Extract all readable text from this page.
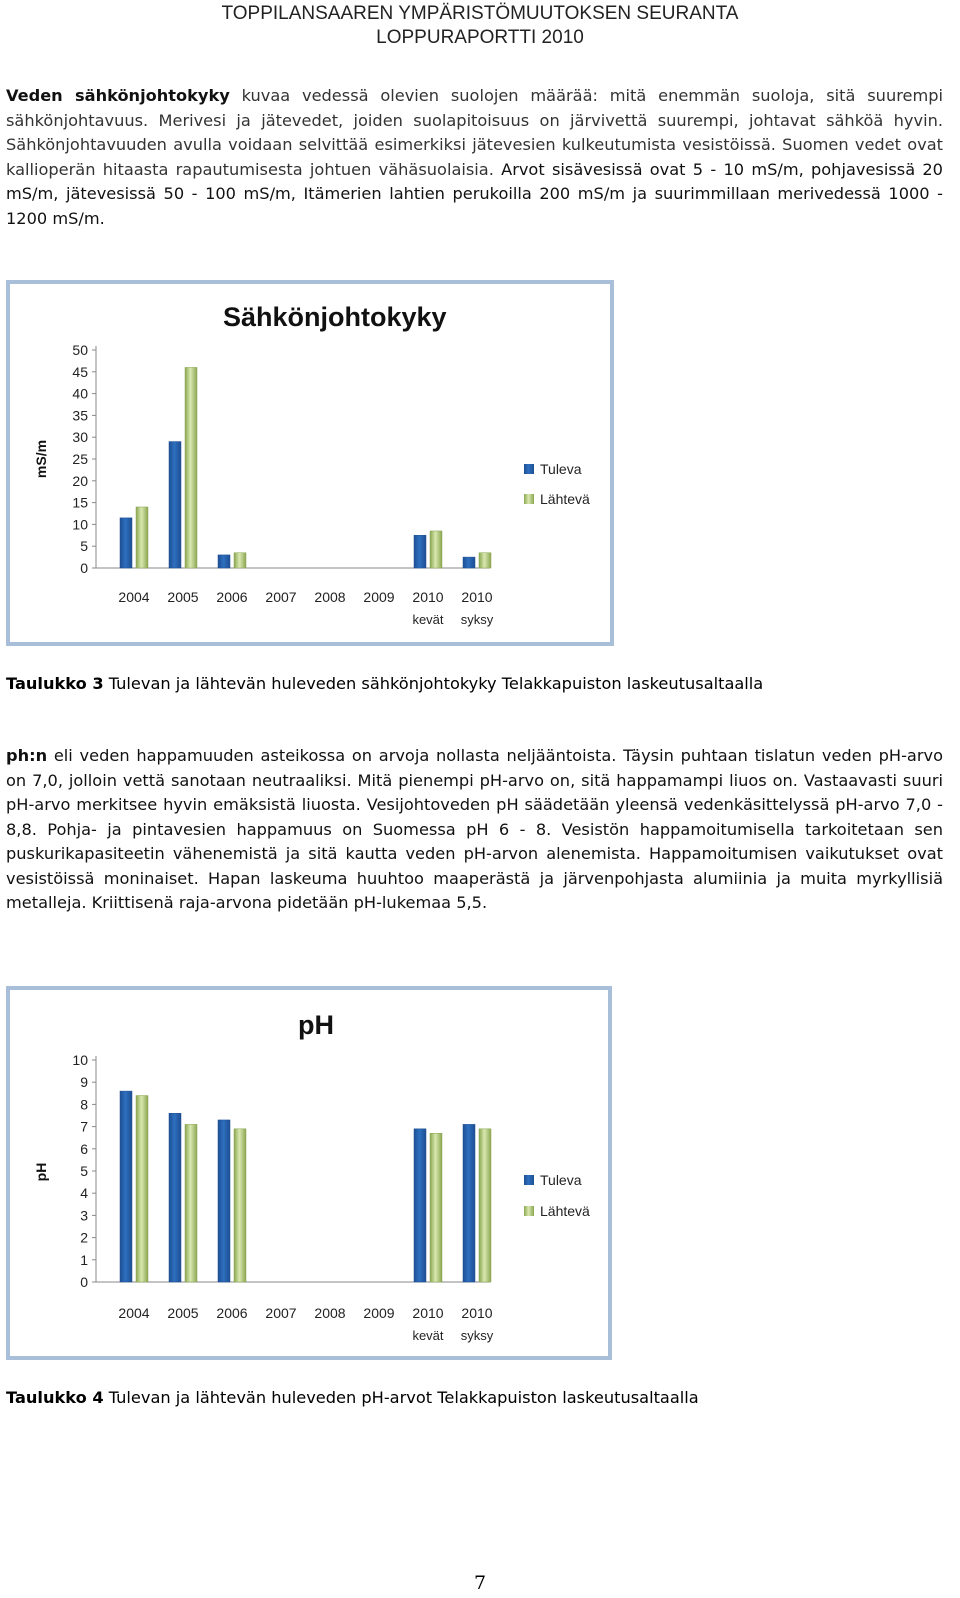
TOPPILANSAAREN YMPÄRISTÖMUUTOKSEN SEURANTA
LOPPURAPORTTI 2010

Veden sähkönjohtokyky kuvaa vedessä olevien suolojen määrää: mitä enemmän suoloja, sitä suurempi sähkönjohtavuus. Merivesi ja jätevedet, joiden suolapitoisuus on järvivettä suurempi, johtavat sähköä hyvin. Sähkönjohtavuuden avulla voidaan selvittää esimerkiksi jätevesien kulkeutumista vesistöissä. Suomen vedet ovat kallioperän hitaasta rapautumisesta johtuen vähäsuolaisia. Arvot sisävesissä ovat 5 - 10 mS/m, pohjavesissä 20 mS/m, jätevesissä 50 - 100 mS/m, Itämerien lahtien perukoilla 200 mS/m ja suurimmillaan merivedessä 1000 - 1200 mS/m.

Sähkönjohtokyky
mS/m
0
5
10
15
20
25
30
35
40
45
50
2004 2005 2006 2007 2008 2009 2010
kevät
2010
syksy
Tuleva
Lähtevä

Taulukko 3 Tulevan ja lähtevän huleveden sähkönjohtokyky Telakkapuiston laskeutusaltaalla

ph:n eli veden happamuuden asteikossa on arvoja nollasta neljääntoista. Täysin puhtaan tislatun veden pH-arvo on 7,0, jolloin vettä sanotaan neutraaliksi. Mitä pienempi pH-arvo on, sitä happamampi liuos on. Vastaavasti suuri pH-arvo merkitsee hyvin emäksistä liuosta. Vesijohtoveden pH säädetään yleensä vedenkäsittelyssä pH-arvo 7,0 - 8,8. Pohja- ja pintavesien happamuus on Suomessa pH 6 - 8. Vesistön happamoitumisella tarkoitetaan sen puskurikapasiteetin vähenemistä ja sitä kautta veden pH-arvon alenemista. Happamoitumisen vaikutukset ovat vesistöissä moninaiset. Hapan laskeuma huuhtoo maaperästä ja järvenpohjasta alumiinia ja muita myrkyllisiä metalleja. Kriittisenä raja-arvona pidetään pH-lukemaa 5,5.

pH
pH
0
1
2
3
4
5
6
7
8
9
10
2004 2005 2006 2007 2008 2009 2010
kevät
2010
syksy
Tuleva
Lähtevä

Taulukko 4 Tulevan ja lähtevän huleveden pH-arvot Telakkapuiston laskeutusaltaalla

7
